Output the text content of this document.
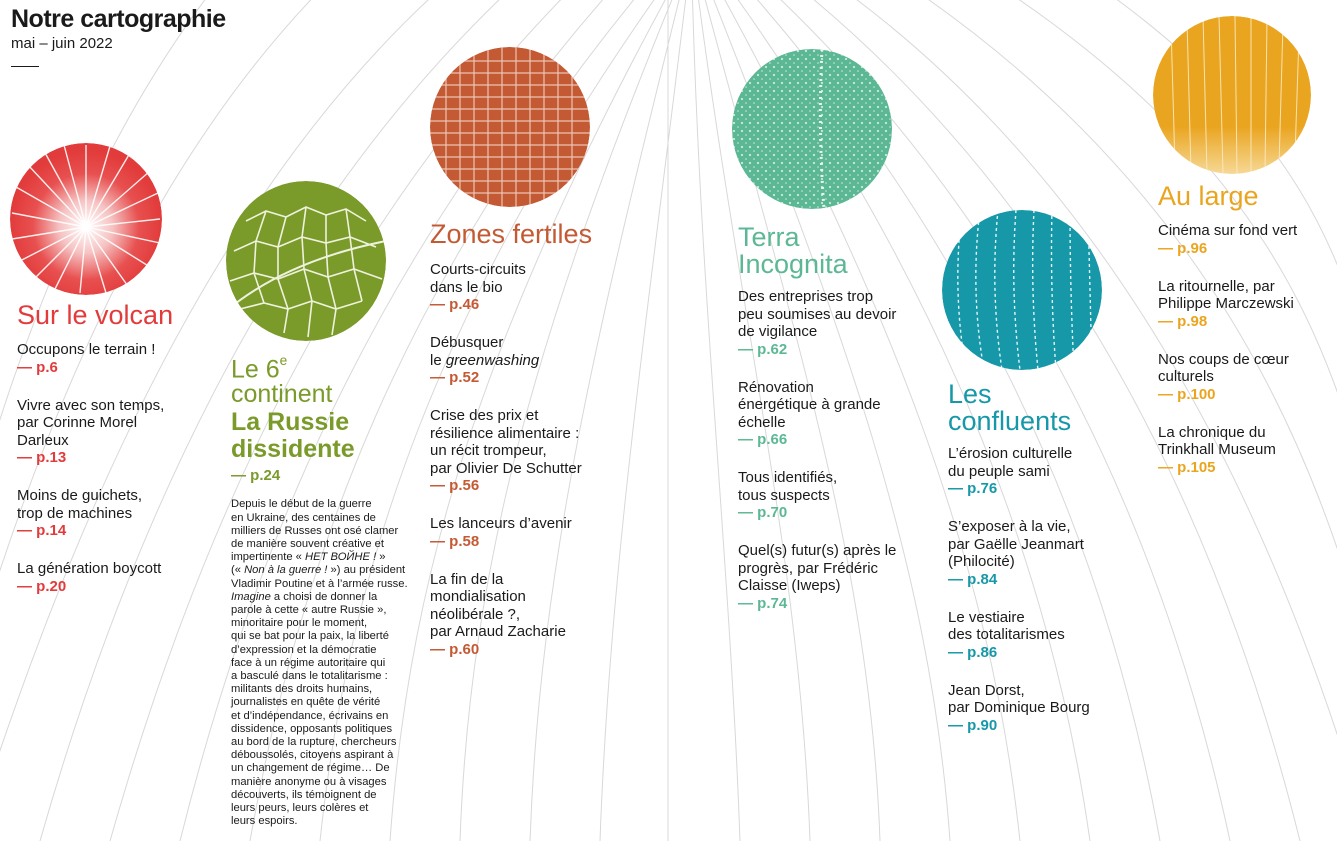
Notre cartographie
mai – juin 2022
Sur le volcan
Occupons le terrain !
— p.6
Vivre avec son temps,
par Corinne Morel
Darleux
— p.13
Moins de guichets,
trop de machines
— p.14
La génération boycott
— p.20
Le 6e
continent
La Russie
dissidente
— p.24
Depuis le début de la guerre
en Ukraine, des centaines de
milliers de Russes ont osé clamer
de manière souvent créative et
impertinente « НЕТ ВОЙНЕ ! »
(« Non à la guerre ! ») au président
Vladimir Poutine et à l’armée russe.
Imagine a choisi de donner la
parole à cette « autre Russie »,
minoritaire pour le moment,
qui se bat pour la paix, la liberté
d’expression et la démocratie
face à un régime autoritaire qui
a basculé dans le totalitarisme :
militants des droits humains,
journalistes en quête de vérité
et d’indépendance, écrivains en
dissidence, opposants politiques
au bord de la rupture, chercheurs
déboussolés, citoyens aspirant à
un changement de régime… De
manière anonyme ou à visages
découverts, ils témoignent de
leurs peurs, leurs colères et
leurs espoirs.
Zones fertiles
Courts-circuits
dans le bio
— p.46
Débusquer
le greenwashing
— p.52
Crise des prix et
résilience alimentaire :
un récit trompeur,
par Olivier De Schutter
— p.56
Les lanceurs d’avenir
— p.58
La fin de la
mondialisation
néolibérale ?,
par Arnaud Zacharie
— p.60
Terra
Incognita
Des entreprises trop
peu soumises au devoir
de vigilance
— p.62
Rénovation
énergétique à grande
échelle
— p.66
Tous identifiés,
tous suspects
— p.70
Quel(s) futur(s) après le
progrès, par Frédéric
Claisse (Iweps)
— p.74
Les
confluents
L’érosion culturelle
du peuple sami
— p.76
S’exposer à la vie,
par Gaëlle Jeanmart
(Philocité)
— p.84
Le vestiaire
des totalitarismes
— p.86
Jean Dorst,
par Dominique Bourg
— p.90
Au large
Cinéma sur fond vert
— p.96
La ritournelle, par
Philippe Marczewski
— p.98
Nos coups de cœur
culturels
— p.100
La chronique du
Trinkhall Museum
— p.105
